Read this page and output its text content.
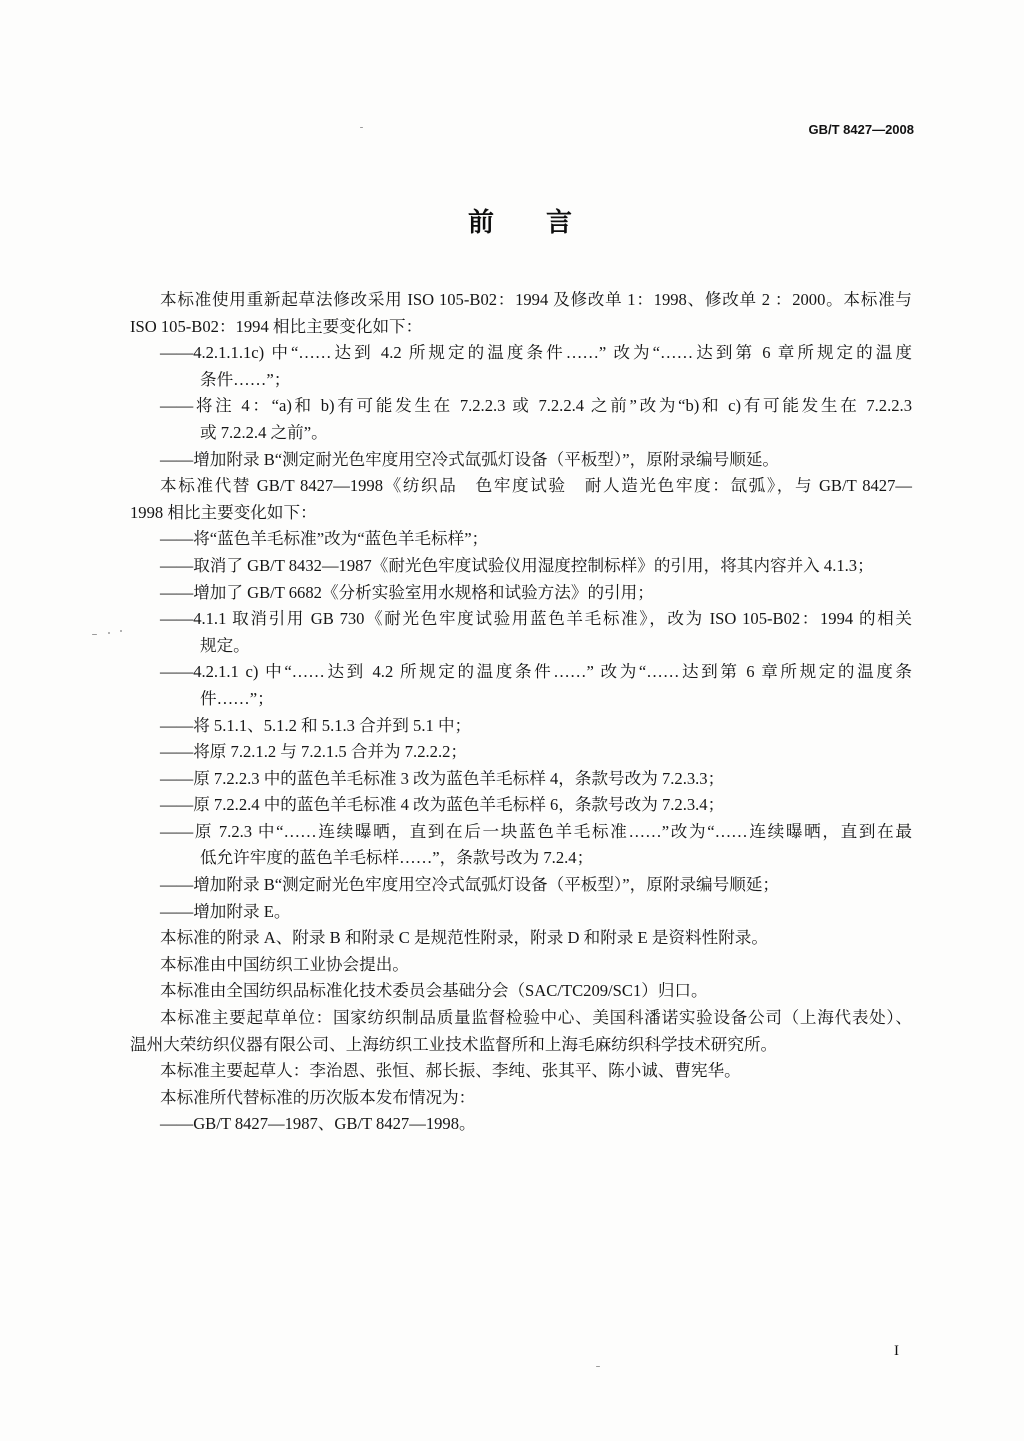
GB/T 8427—2008
前　　言
本标准使用重新起草法修改采用 ISO 105-B02：1994 及修改单 1：1998、修改单 2 ：2000。本标准与
ISO 105-B02：1994 相比主要变化如下：
——4.2.1.1.1c) 中“……达到 4.2 所规定的温度条件……” 改为“……达到第 6 章所规定的温度
条件……”；
——将注 4：“a)和 b)有可能发生在 7.2.2.3 或 7.2.2.4 之前”改为“b)和 c)有可能发生在 7.2.2.3
或 7.2.2.4 之前”。
——增加附录 B“测定耐光色牢度用空冷式氙弧灯设备（平板型）”，原附录编号顺延。
本标准代替 GB/T 8427—1998《纺织品　色牢度试验　耐人造光色牢度：氙弧》，与 GB/T 8427—
1998 相比主要变化如下：
——将“蓝色羊毛标准”改为“蓝色羊毛标样”；
——取消了 GB/T 8432—1987《耐光色牢度试验仪用湿度控制标样》的引用，将其内容并入 4.1.3；
——增加了 GB/T 6682《分析实验室用水规格和试验方法》的引用；
——4.1.1 取消引用 GB 730《耐光色牢度试验用蓝色羊毛标准》，改为 ISO 105-B02：1994 的相关
规定。
——4.2.1.1 c) 中“……达到 4.2 所规定的温度条件……” 改为“……达到第 6 章所规定的温度条
件……”；
——将 5.1.1、5.1.2 和 5.1.3 合并到 5.1 中；
——将原 7.2.1.2 与 7.2.1.5 合并为 7.2.2.2；
——原 7.2.2.3 中的蓝色羊毛标准 3 改为蓝色羊毛标样 4，条款号改为 7.2.3.3；
——原 7.2.2.4 中的蓝色羊毛标准 4 改为蓝色羊毛标样 6，条款号改为 7.2.3.4；
——原 7.2.3 中“……连续曝晒，直到在后一块蓝色羊毛标准……”改为“……连续曝晒，直到在最
低允许牢度的蓝色羊毛标样……”，条款号改为 7.2.4；
——增加附录 B“测定耐光色牢度用空冷式氙弧灯设备（平板型）”，原附录编号顺延；
——增加附录 E。
本标准的附录 A、附录 B 和附录 C 是规范性附录，附录 D 和附录 E 是资料性附录。
本标准由中国纺织工业协会提出。
本标准由全国纺织品标准化技术委员会基础分会（SAC/TC209/SC1）归口。
本标准主要起草单位：国家纺织制品质量监督检验中心、美国科潘诺实验设备公司（上海代表处）、
温州大荣纺织仪器有限公司、上海纺织工业技术监督所和上海毛麻纺织科学技术研究所。
本标准主要起草人：李治恩、张恒、郝长振、李纯、张其平、陈小诚、曹宪华。
本标准所代替标准的历次版本发布情况为：
——GB/T 8427—1987、GB/T 8427—1998。
I
